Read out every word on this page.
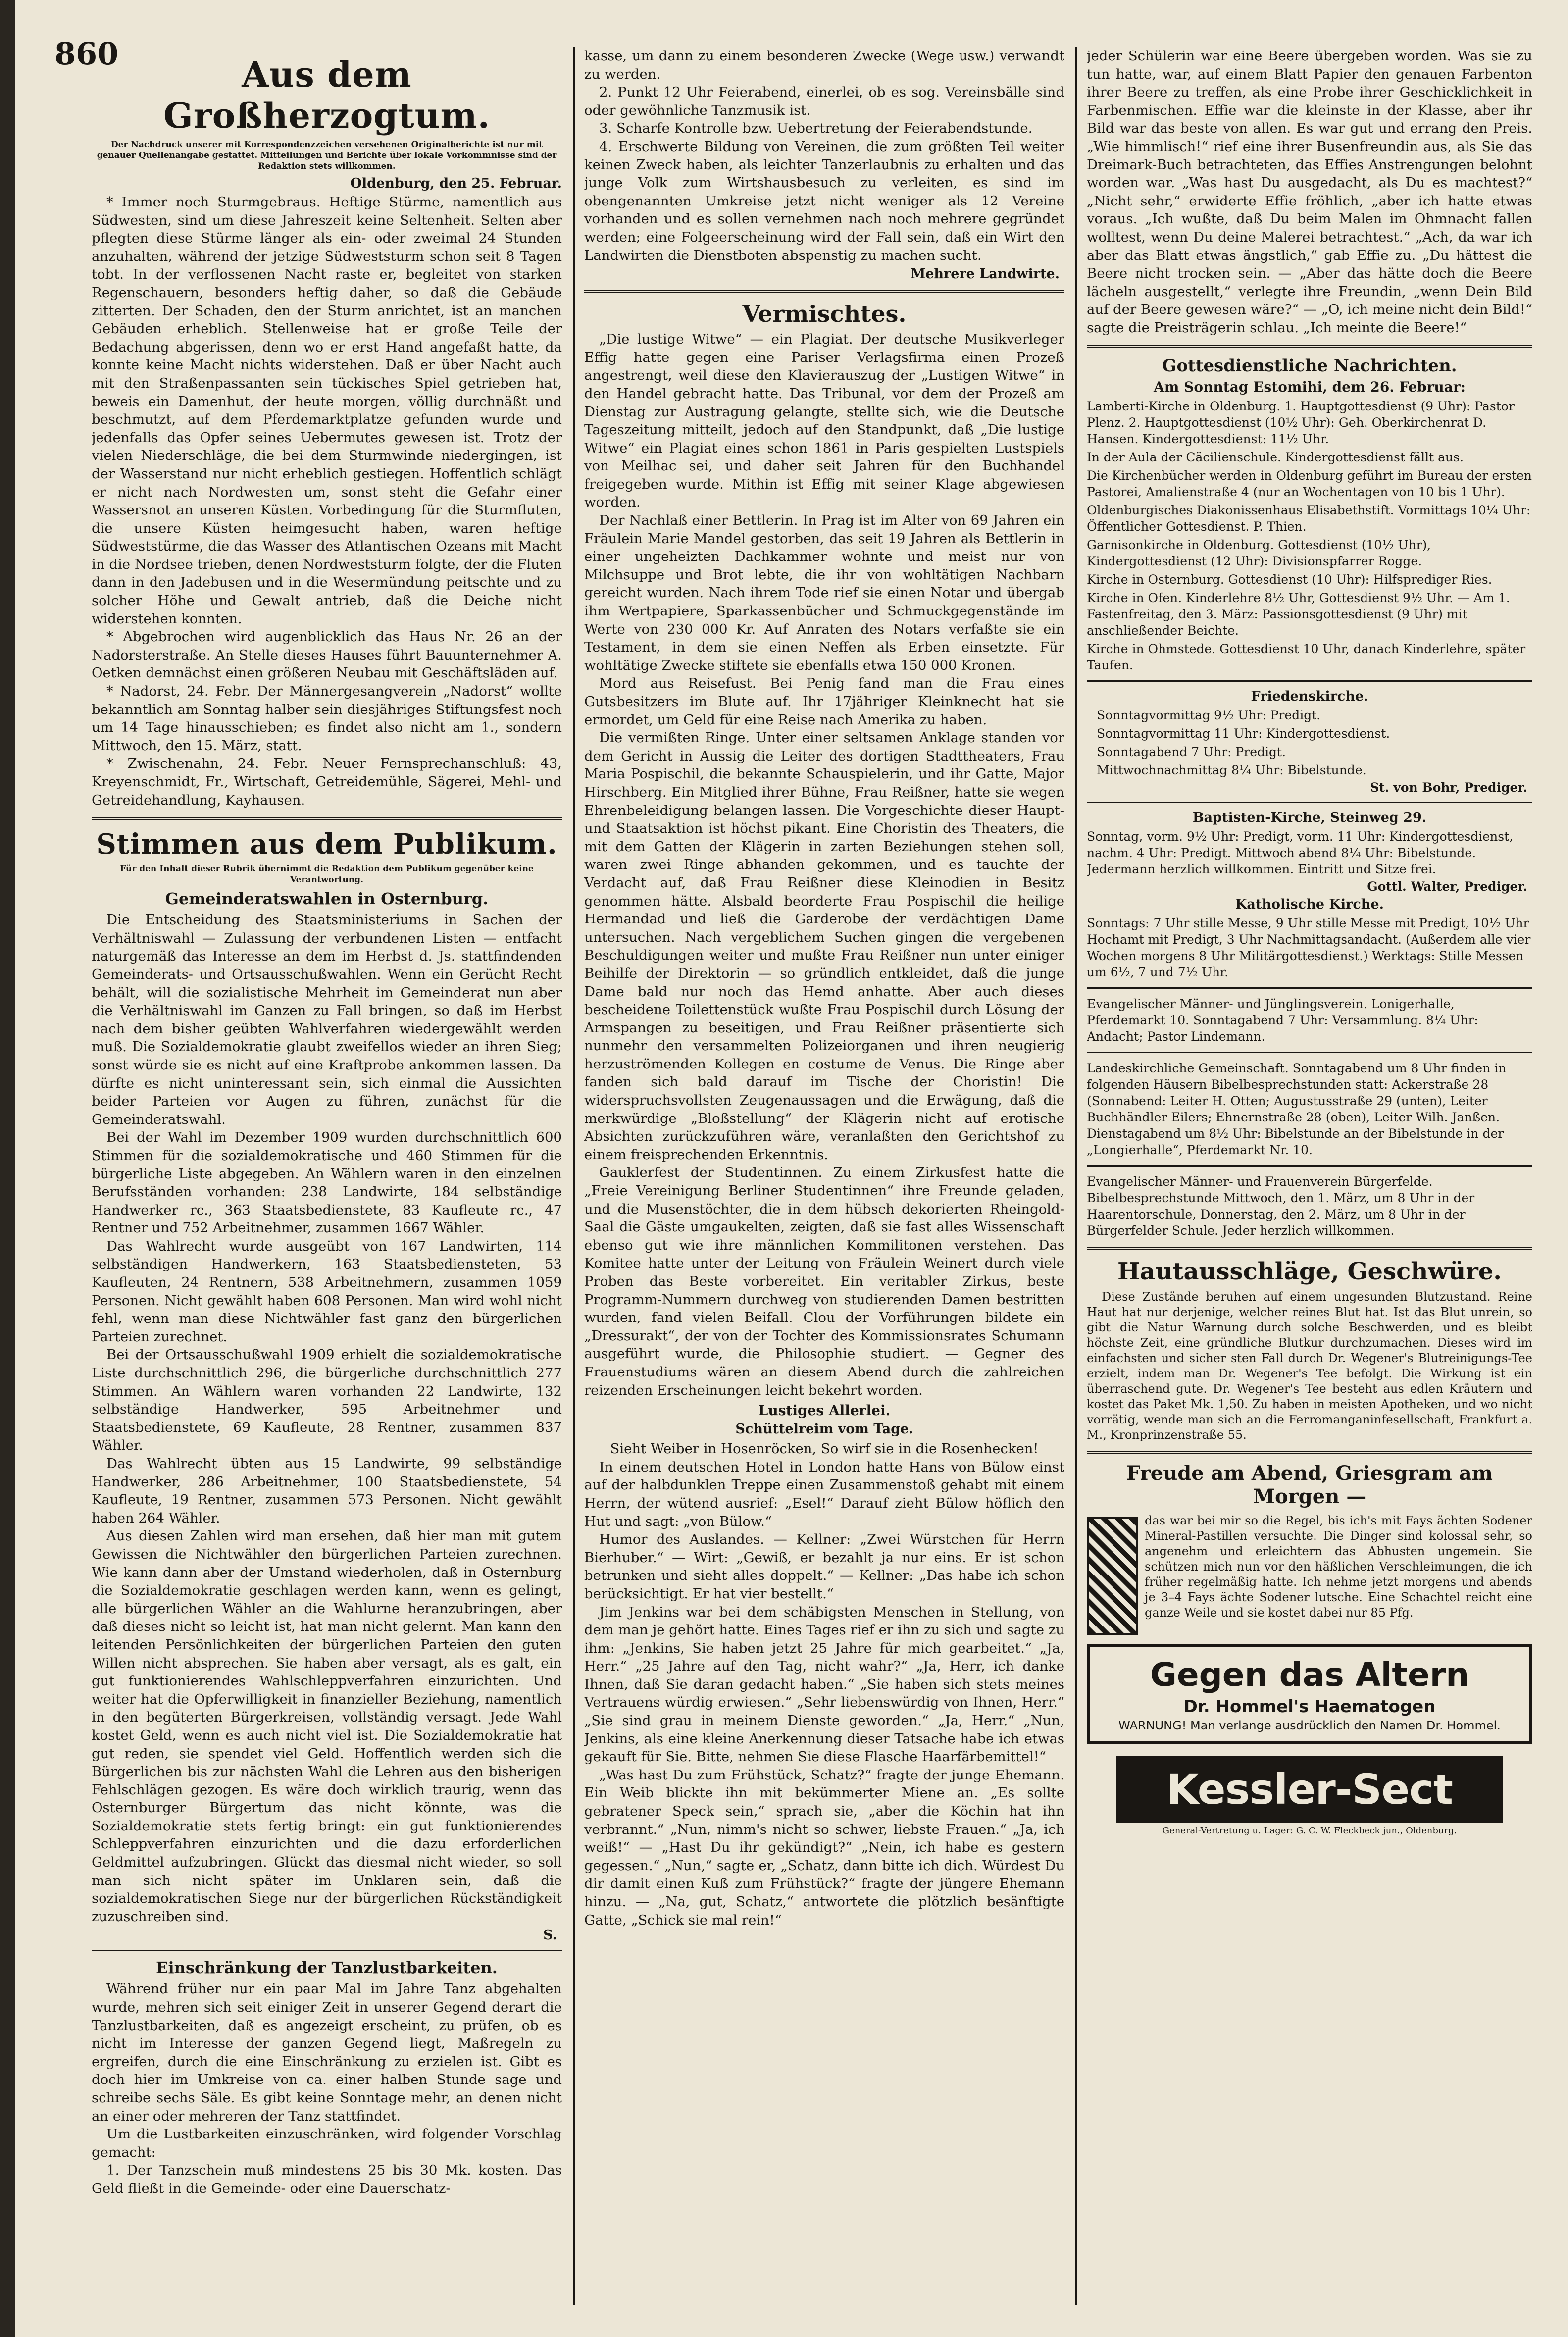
860
Aus dem Großherzogtum.
Der Nachdruck unserer mit Korrespondenzzeichen versehenen Originalberichte ist nur mit genauer Quellenangabe gestattet. Mitteilungen und Berichte über lokale Vorkommnisse sind der Redaktion stets willkommen.
Oldenburg, den 25. Februar.

* Immer noch Sturmgebraus. Heftige Stürme, namentlich aus Südwesten, sind um diese Jahreszeit keine Seltenheit. Selten aber pflegten diese Stürme länger als ein- oder zweimal 24 Stunden anzuhalten, während der jetzige Südweststurm schon seit 8 Tagen tobt. In der verflossenen Nacht raste er, begleitet von starken Regenschauern, besonders heftig daher, so daß die Gebäude zitterten. Der Schaden, den der Sturm anrichtet, ist an manchen Gebäuden erheblich. Stellenweise hat er große Teile der Bedachung abgerissen, denn wo er erst Hand angefaßt hatte, da konnte keine Macht nichts widerstehen. Daß er über Nacht auch mit den Straßenpassanten sein tückisches Spiel getrieben hat, beweis ein Damenhut, der heute morgen, völlig durchnäßt und beschmutzt, auf dem Pferdemarktplatze gefunden wurde und jedenfalls das Opfer seines Uebermutes gewesen ist. Trotz der vielen Niederschläge, die bei dem Sturmwinde niedergingen, ist der Wasserstand nur nicht erheblich gestiegen. Hoffentlich schlägt er nicht nach Nordwesten um, sonst steht die Gefahr einer Wassersnot an unseren Küsten. Vorbedingung für die Sturmfluten, die unsere Küsten heimgesucht haben, waren heftige Südweststürme, die das Wasser des Atlantischen Ozeans mit Macht in die Nordsee trieben, denen Nordweststurm folgte, der die Fluten dann in den Jadebusen und in die Wesermündung peitschte und zu solcher Höhe und Gewalt antrieb, daß die Deiche nicht widerstehen konnten.

* Abgebrochen wird augenblicklich das Haus Nr. 26 an der Nadorsterstraße. An Stelle dieses Hauses führt Bauunternehmer A. Oetken demnächst einen größeren Neubau mit Geschäftsläden auf.

* Nadorst, 24. Febr. Der Männergesangverein „Nadorst“ wollte bekanntlich am Sonntag halber sein diesjähriges Stiftungsfest noch um 14 Tage hinausschieben; es findet also nicht am 1., sondern Mittwoch, den 15. März, statt.

* Zwischenahn, 24. Febr. Neuer Fernsprechanschluß: 43, Kreyenschmidt, Fr., Wirtschaft, Getreidemühle, Sägerei, Mehl- und Getreidehandlung, Kayhausen.

Stimmen aus dem Publikum.
Für den Inhalt dieser Rubrik übernimmt die Redaktion dem Publikum gegenüber keine Verantwortung.
Gemeinderatswahlen in Osternburg.

Die Entscheidung des Staatsministeriums in Sachen der Verhältniswahl — Zulassung der verbundenen Listen — entfacht naturgemäß das Interesse an dem im Herbst d. Js. stattfindenden Gemeinderats- und Ortsausschußwahlen. Wenn ein Gerücht Recht behält, will die sozialistische Mehrheit im Gemeinderat nun aber die Verhältniswahl im Ganzen zu Fall bringen, so daß im Herbst nach dem bisher geübten Wahlverfahren wiedergewählt werden muß. Die Sozialdemokratie glaubt zweifellos wieder an ihren Sieg; sonst würde sie es nicht auf eine Kraftprobe ankommen lassen. Da dürfte es nicht uninteressant sein, sich einmal die Aussichten beider Parteien vor Augen zu führen, zunächst für die Gemeinderatswahl.

Bei der Wahl im Dezember 1909 wurden durchschnittlich 600 Stimmen für die sozialdemokratische und 460 Stimmen für die bürgerliche Liste abgegeben. An Wählern waren in den einzelnen Berufsständen vorhanden: 238 Landwirte, 184 selbständige Handwerker rc., 363 Staatsbedienstete, 83 Kaufleute rc., 47 Rentner und 752 Arbeitnehmer, zusammen 1667 Wähler.

Das Wahlrecht wurde ausgeübt von 167 Landwirten, 114 selbständigen Handwerkern, 163 Staatsbediensteten, 53 Kaufleuten, 24 Rentnern, 538 Arbeitnehmern, zusammen 1059 Personen. Nicht gewählt haben 608 Personen. Man wird wohl nicht fehl, wenn man diese Nichtwähler fast ganz den bürgerlichen Parteien zurechnet.

Bei der Ortsausschußwahl 1909 erhielt die sozialdemokratische Liste durchschnittlich 296, die bürgerliche durchschnittlich 277 Stimmen. An Wählern waren vorhanden 22 Landwirte, 132 selbständige Handwerker, 595 Arbeitnehmer und Staatsbedienstete, 69 Kaufleute, 28 Rentner, zusammen 837 Wähler.

Das Wahlrecht übten aus 15 Landwirte, 99 selbständige Handwerker, 286 Arbeitnehmer, 100 Staatsbedienstete, 54 Kaufleute, 19 Rentner, zusammen 573 Personen. Nicht gewählt haben 264 Wähler.

Aus diesen Zahlen wird man ersehen, daß hier man mit gutem Gewissen die Nichtwähler den bürgerlichen Parteien zurechnen. Wie kann dann aber der Umstand wiederholen, daß in Osternburg die Sozialdemokratie geschlagen werden kann, wenn es gelingt, alle bürgerlichen Wähler an die Wahlurne heranzubringen, aber daß dieses nicht so leicht ist, hat man nicht gelernt. Man kann den leitenden Persönlichkeiten der bürgerlichen Parteien den guten Willen nicht absprechen. Sie haben aber versagt, als es galt, ein gut funktionierendes Wahlschleppverfahren einzurichten. Und weiter hat die Opferwilligkeit in finanzieller Beziehung, namentlich in den begüterten Bürgerkreisen, vollständig versagt. Jede Wahl kostet Geld, wenn es auch nicht viel ist. Die Sozialdemokratie hat gut reden, sie spendet viel Geld. Hoffentlich werden sich die Bürgerlichen bis zur nächsten Wahl die Lehren aus den bisherigen Fehlschlägen gezogen. Es wäre doch wirklich traurig, wenn das Osternburger Bürgertum das nicht könnte, was die Sozialdemokratie stets fertig bringt: ein gut funktionierendes Schleppverfahren einzurichten und die dazu erforderlichen Geldmittel aufzubringen. Glückt das diesmal nicht wieder, so soll man sich nicht später im Unklaren sein, daß die sozialdemokratischen Siege nur der bürgerlichen Rückständigkeit zuzuschreiben sind.

S.
Einschränkung der Tanzlustbarkeiten.

Während früher nur ein paar Mal im Jahre Tanz abgehalten wurde, mehren sich seit einiger Zeit in unserer Gegend derart die Tanzlustbarkeiten, daß es angezeigt erscheint, zu prüfen, ob es nicht im Interesse der ganzen Gegend liegt, Maßregeln zu ergreifen, durch die eine Einschränkung zu erzielen ist. Gibt es doch hier im Umkreise von ca. einer halben Stunde sage und schreibe sechs Säle. Es gibt keine Sonntage mehr, an denen nicht an einer oder mehreren der Tanz stattfindet.

Um die Lustbarkeiten einzuschränken, wird folgender Vorschlag gemacht:

1. Der Tanzschein muß mindestens 25 bis 30 Mk. kosten. Das Geld fließt in die Gemeinde- oder eine Dauerschatz-

kasse, um dann zu einem besonderen Zwecke (Wege usw.) verwandt zu werden.

2. Punkt 12 Uhr Feierabend, einerlei, ob es sog. Vereinsbälle sind oder gewöhnliche Tanzmusik ist.

3. Scharfe Kontrolle bzw. Uebertretung der Feierabendstunde.

4. Erschwerte Bildung von Vereinen, die zum größten Teil weiter keinen Zweck haben, als leichter Tanzerlaubnis zu erhalten und das junge Volk zum Wirtshausbesuch zu verleiten, es sind im obengenannten Umkreise jetzt nicht weniger als 12 Vereine vorhanden und es sollen vernehmen nach noch mehrere gegründet werden; eine Folgeerscheinung wird der Fall sein, daß ein Wirt den Landwirten die Dienstboten abspenstig zu machen sucht.

Mehrere Landwirte.
Vermischtes.

„Die lustige Witwe“ — ein Plagiat. Der deutsche Musikverleger Effig hatte gegen eine Pariser Verlagsfirma einen Prozeß angestrengt, weil diese den Klavierauszug der „Lustigen Witwe“ in den Handel gebracht hatte. Das Tribunal, vor dem der Prozeß am Dienstag zur Austragung gelangte, stellte sich, wie die Deutsche Tageszeitung mitteilt, jedoch auf den Standpunkt, daß „Die lustige Witwe“ ein Plagiat eines schon 1861 in Paris gespielten Lustspiels von Meilhac sei, und daher seit Jahren für den Buchhandel freigegeben wurde. Mithin ist Effig mit seiner Klage abgewiesen worden.

Der Nachlaß einer Bettlerin. In Prag ist im Alter von 69 Jahren ein Fräulein Marie Mandel gestorben, das seit 19 Jahren als Bettlerin in einer ungeheizten Dachkammer wohnte und meist nur von Milchsuppe und Brot lebte, die ihr von wohltätigen Nachbarn gereicht wurden. Nach ihrem Tode rief sie einen Notar und übergab ihm Wertpapiere, Sparkassenbücher und Schmuckgegenstände im Werte von 230 000 Kr. Auf Anraten des Notars verfaßte sie ein Testament, in dem sie einen Neffen als Erben einsetzte. Für wohltätige Zwecke stiftete sie ebenfalls etwa 150 000 Kronen.

Mord aus Reisefust. Bei Penig fand man die Frau eines Gutsbesitzers im Blute auf. Ihr 17jähriger Kleinknecht hat sie ermordet, um Geld für eine Reise nach Amerika zu haben.

Die vermißten Ringe. Unter einer seltsamen Anklage standen vor dem Gericht in Aussig die Leiter des dortigen Stadttheaters, Frau Maria Pospischil, die bekannte Schauspielerin, und ihr Gatte, Major Hirschberg. Ein Mitglied ihrer Bühne, Frau Reißner, hatte sie wegen Ehrenbeleidigung belangen lassen. Die Vorgeschichte dieser Haupt- und Staatsaktion ist höchst pikant. Eine Choristin des Theaters, die mit dem Gatten der Klägerin in zarten Beziehungen stehen soll, waren zwei Ringe abhanden gekommen, und es tauchte der Verdacht auf, daß Frau Reißner diese Kleinodien in Besitz genommen hätte. Alsbald beorderte Frau Pospischil die heilige Hermandad und ließ die Garderobe der verdächtigen Dame untersuchen. Nach vergeblichem Suchen gingen die vergebenen Beschuldigungen weiter und mußte Frau Reißner nun unter einiger Beihilfe der Direktorin — so gründlich entkleidet, daß die junge Dame bald nur noch das Hemd anhatte. Aber auch dieses bescheidene Toilettenstück wußte Frau Pospischil durch Lösung der Armspangen zu beseitigen, und Frau Reißner präsentierte sich nunmehr den versammelten Polizeiorganen und ihren neugierig herzuströmenden Kollegen en costume de Venus. Die Ringe aber fanden sich bald darauf im Tische der Choristin! Die widerspruchsvollsten Zeugenaussagen und die Erwägung, daß die merkwürdige „Bloßstellung“ der Klägerin nicht auf erotische Absichten zurückzuführen wäre, veranlaßten den Gerichtshof zu einem freisprechenden Erkenntnis.

Gauklerfest der Studentinnen. Zu einem Zirkusfest hatte die „Freie Vereinigung Berliner Studentinnen“ ihre Freunde geladen, und die Musenstöchter, die in dem hübsch dekorierten Rheingold-Saal die Gäste umgaukelten, zeigten, daß sie fast alles Wissenschaft ebenso gut wie ihre männlichen Kommilitonen verstehen. Das Komitee hatte unter der Leitung von Fräulein Weinert durch viele Proben das Beste vorbereitet. Ein veritabler Zirkus, beste Programm-Nummern durchweg von studierenden Damen bestritten wurden, fand vielen Beifall. Clou der Vorführungen bildete ein „Dressurakt“, der von der Tochter des Kommissionsrates Schumann ausgeführt wurde, die Philosophie studiert. — Gegner des Frauenstudiums wären an diesem Abend durch die zahlreichen reizenden Erscheinungen leicht bekehrt worden.

Lustiges Allerlei.
Schüttelreim vom Tage.
Sieht Weiber in Hosenröcken, So wirf sie in die Rosenhecken!

In einem deutschen Hotel in London hatte Hans von Bülow einst auf der halbdunklen Treppe einen Zusammenstoß gehabt mit einem Herrn, der wütend ausrief: „Esel!“ Darauf zieht Bülow höflich den Hut und sagt: „von Bülow.“

Humor des Auslandes. — Kellner: „Zwei Würstchen für Herrn Bierhuber.“ — Wirt: „Gewiß, er bezahlt ja nur eins. Er ist schon betrunken und sieht alles doppelt.“ — Kellner: „Das habe ich schon berücksichtigt. Er hat vier bestellt.“

Jim Jenkins war bei dem schäbigsten Menschen in Stellung, von dem man je gehört hatte. Eines Tages rief er ihn zu sich und sagte zu ihm: „Jenkins, Sie haben jetzt 25 Jahre für mich gearbeitet.“ „Ja, Herr.“ „25 Jahre auf den Tag, nicht wahr?“ „Ja, Herr, ich danke Ihnen, daß Sie daran gedacht haben.“ „Sie haben sich stets meines Vertrauens würdig erwiesen.“ „Sehr liebenswürdig von Ihnen, Herr.“ „Sie sind grau in meinem Dienste geworden.“ „Ja, Herr.“ „Nun, Jenkins, als eine kleine Anerkennung dieser Tatsache habe ich etwas gekauft für Sie. Bitte, nehmen Sie diese Flasche Haarfärbemittel!“

„Was hast Du zum Frühstück, Schatz?“ fragte der junge Ehemann. Ein Weib blickte ihn mit bekümmerter Miene an. „Es sollte gebratener Speck sein,“ sprach sie, „aber die Köchin hat ihn verbrannt.“ „Nun, nimm's nicht so schwer, liebste Frauen.“ „Ja, ich weiß!“ — „Hast Du ihr gekündigt?“ „Nein, ich habe es gestern gegessen.“ „Nun,“ sagte er, „Schatz, dann bitte ich dich. Würdest Du dir damit einen Kuß zum Frühstück?“ fragte der jüngere Ehemann hinzu. — „Na, gut, Schatz,“ antwortete die plötzlich besänftigte Gatte, „Schick sie mal rein!“

jeder Schülerin war eine Beere übergeben worden. Was sie zu tun hatte, war, auf einem Blatt Papier den genauen Farbenton ihrer Beere zu treffen, als eine Probe ihrer Geschicklichkeit in Farbenmischen. Effie war die kleinste in der Klasse, aber ihr Bild war das beste von allen. Es war gut und errang den Preis. „Wie himmlisch!“ rief eine ihrer Busenfreundin aus, als Sie das Dreimark-Buch betrachteten, das Effies Anstrengungen belohnt worden war. „Was hast Du ausgedacht, als Du es machtest?“ „Nicht sehr,“ erwiderte Effie fröhlich, „aber ich hatte etwas voraus. „Ich wußte, daß Du beim Malen im Ohmnacht fallen wolltest, wenn Du deine Malerei betrachtest.“ „Ach, da war ich aber das Blatt etwas ängstlich,“ gab Effie zu. „Du hättest die Beere nicht trocken sein. — „Aber das hätte doch die Beere lächeln ausgestellt,“ verlegte ihre Freundin, „wenn Dein Bild auf der Beere gewesen wäre?“ — „O, ich meine nicht dein Bild!“ sagte die Preisträgerin schlau. „Ich meinte die Beere!“

Gottesdienstliche Nachrichten.
Am Sonntag Estomihi, dem 26. Februar:
Lamberti-Kirche in Oldenburg. 1. Hauptgottesdienst (9 Uhr): Pastor Plenz. 2. Hauptgottesdienst (10½ Uhr): Geh. Oberkirchenrat D. Hansen. Kindergottesdienst: 11½ Uhr.
In der Aula der Cäcilienschule. Kindergottesdienst fällt aus.
Die Kirchenbücher werden in Oldenburg geführt im Bureau der ersten Pastorei, Amalienstraße 4 (nur an Wochentagen von 10 bis 1 Uhr).
Oldenburgisches Diakonissenhaus Elisabethstift. Vormittags 10¼ Uhr: Öffentlicher Gottesdienst. P. Thien.
Garnisonkirche in Oldenburg. Gottesdienst (10½ Uhr), Kindergottesdienst (12 Uhr): Divisionspfarrer Rogge.
Kirche in Osternburg. Gottesdienst (10 Uhr): Hilfsprediger Ries.
Kirche in Ofen. Kinderlehre 8½ Uhr, Gottesdienst 9½ Uhr. — Am 1. Fastenfreitag, den 3. März: Passionsgottesdienst (9 Uhr) mit anschließender Beichte.
Kirche in Ohmstede. Gottesdienst 10 Uhr, danach Kinderlehre, später Taufen.
Friedenskirche.
Sonntagvormittag 9½ Uhr: Predigt.
Sonntagvormittag 11 Uhr: Kindergottesdienst.
Sonntagabend 7 Uhr: Predigt.
Mittwochnachmittag 8¼ Uhr: Bibelstunde.
St. von Bohr, Prediger.
Baptisten-Kirche, Steinweg 29.
Sonntag, vorm. 9½ Uhr: Predigt, vorm. 11 Uhr: Kindergottesdienst, nachm. 4 Uhr: Predigt. Mittwoch abend 8¼ Uhr: Bibelstunde. Jedermann herzlich willkommen. Eintritt und Sitze frei.
Gottl. Walter, Prediger.
Katholische Kirche.
Sonntags: 7 Uhr stille Messe, 9 Uhr stille Messe mit Predigt, 10½ Uhr Hochamt mit Predigt, 3 Uhr Nachmittagsandacht. (Außerdem alle vier Wochen morgens 8 Uhr Militärgottesdienst.) Werktags: Stille Messen um 6½, 7 und 7½ Uhr.
Evangelischer Männer- und Jünglingsverein. Lonigerhalle, Pferdemarkt 10. Sonntagabend 7 Uhr: Versammlung. 8¼ Uhr: Andacht; Pastor Lindemann.
Landeskirchliche Gemeinschaft. Sonntagabend um 8 Uhr finden in folgenden Häusern Bibelbesprechstunden statt: Ackerstraße 28 (Sonnabend: Leiter H. Otten; Augustusstraße 29 (unten), Leiter Buchhändler Eilers; Ehnernstraße 28 (oben), Leiter Wilh. Janßen. Dienstagabend um 8½ Uhr: Bibelstunde an der Bibelstunde in der „Longierhalle“, Pferdemarkt Nr. 10.
Evangelischer Männer- und Frauenverein Bürgerfelde. Bibelbesprechstunde Mittwoch, den 1. März, um 8 Uhr in der Haarentorschule, Donnerstag, den 2. März, um 8 Uhr in der Bürgerfelder Schule. Jeder herzlich willkommen.
Hautausschläge, Geschwüre.

Diese Zustände beruhen auf einem ungesunden Blutzustand. Reine Haut hat nur derjenige, welcher reines Blut hat. Ist das Blut unrein, so gibt die Natur Warnung durch solche Beschwerden, und es bleibt höchste Zeit, eine gründliche Blutkur durchzumachen. Dieses wird im einfachsten und sicher sten Fall durch Dr. Wegener's Blutreinigungs-Tee erzielt, indem man Dr. Wegener's Tee befolgt. Die Wirkung ist ein überraschend gute. Dr. Wegener's Tee besteht aus edlen Kräutern und kostet das Paket Mk. 1,50. Zu haben in meisten Apotheken, und wo nicht vorrätig, wende man sich an die Ferromanganinfesellschaft, Frankfurt a. M., Kronprinzenstraße 55.

Freude am Abend, Griesgram am Morgen —

das war bei mir so die Regel, bis ich's mit Fays ächten Sodener Mineral-Pastillen versuchte. Die Dinger sind kolossal sehr, so angenehm und erleichtern das Abhusten ungemein. Sie schützen mich nun vor den häßlichen Verschleimungen, die ich früher regelmäßig hatte. Ich nehme jetzt morgens und abends je 3–4 Fays ächte Sodener lutsche. Eine Schachtel reicht eine ganze Weile und sie kostet dabei nur 85 Pfg.

Gegen das Altern
Dr. Hommel's Haematogen
WARNUNG! Man verlange ausdrücklich den Namen Dr. Hommel.
Kessler-Sect
General-Vertretung u. Lager: G. C. W. Fleckbeck jun., Oldenburg.
